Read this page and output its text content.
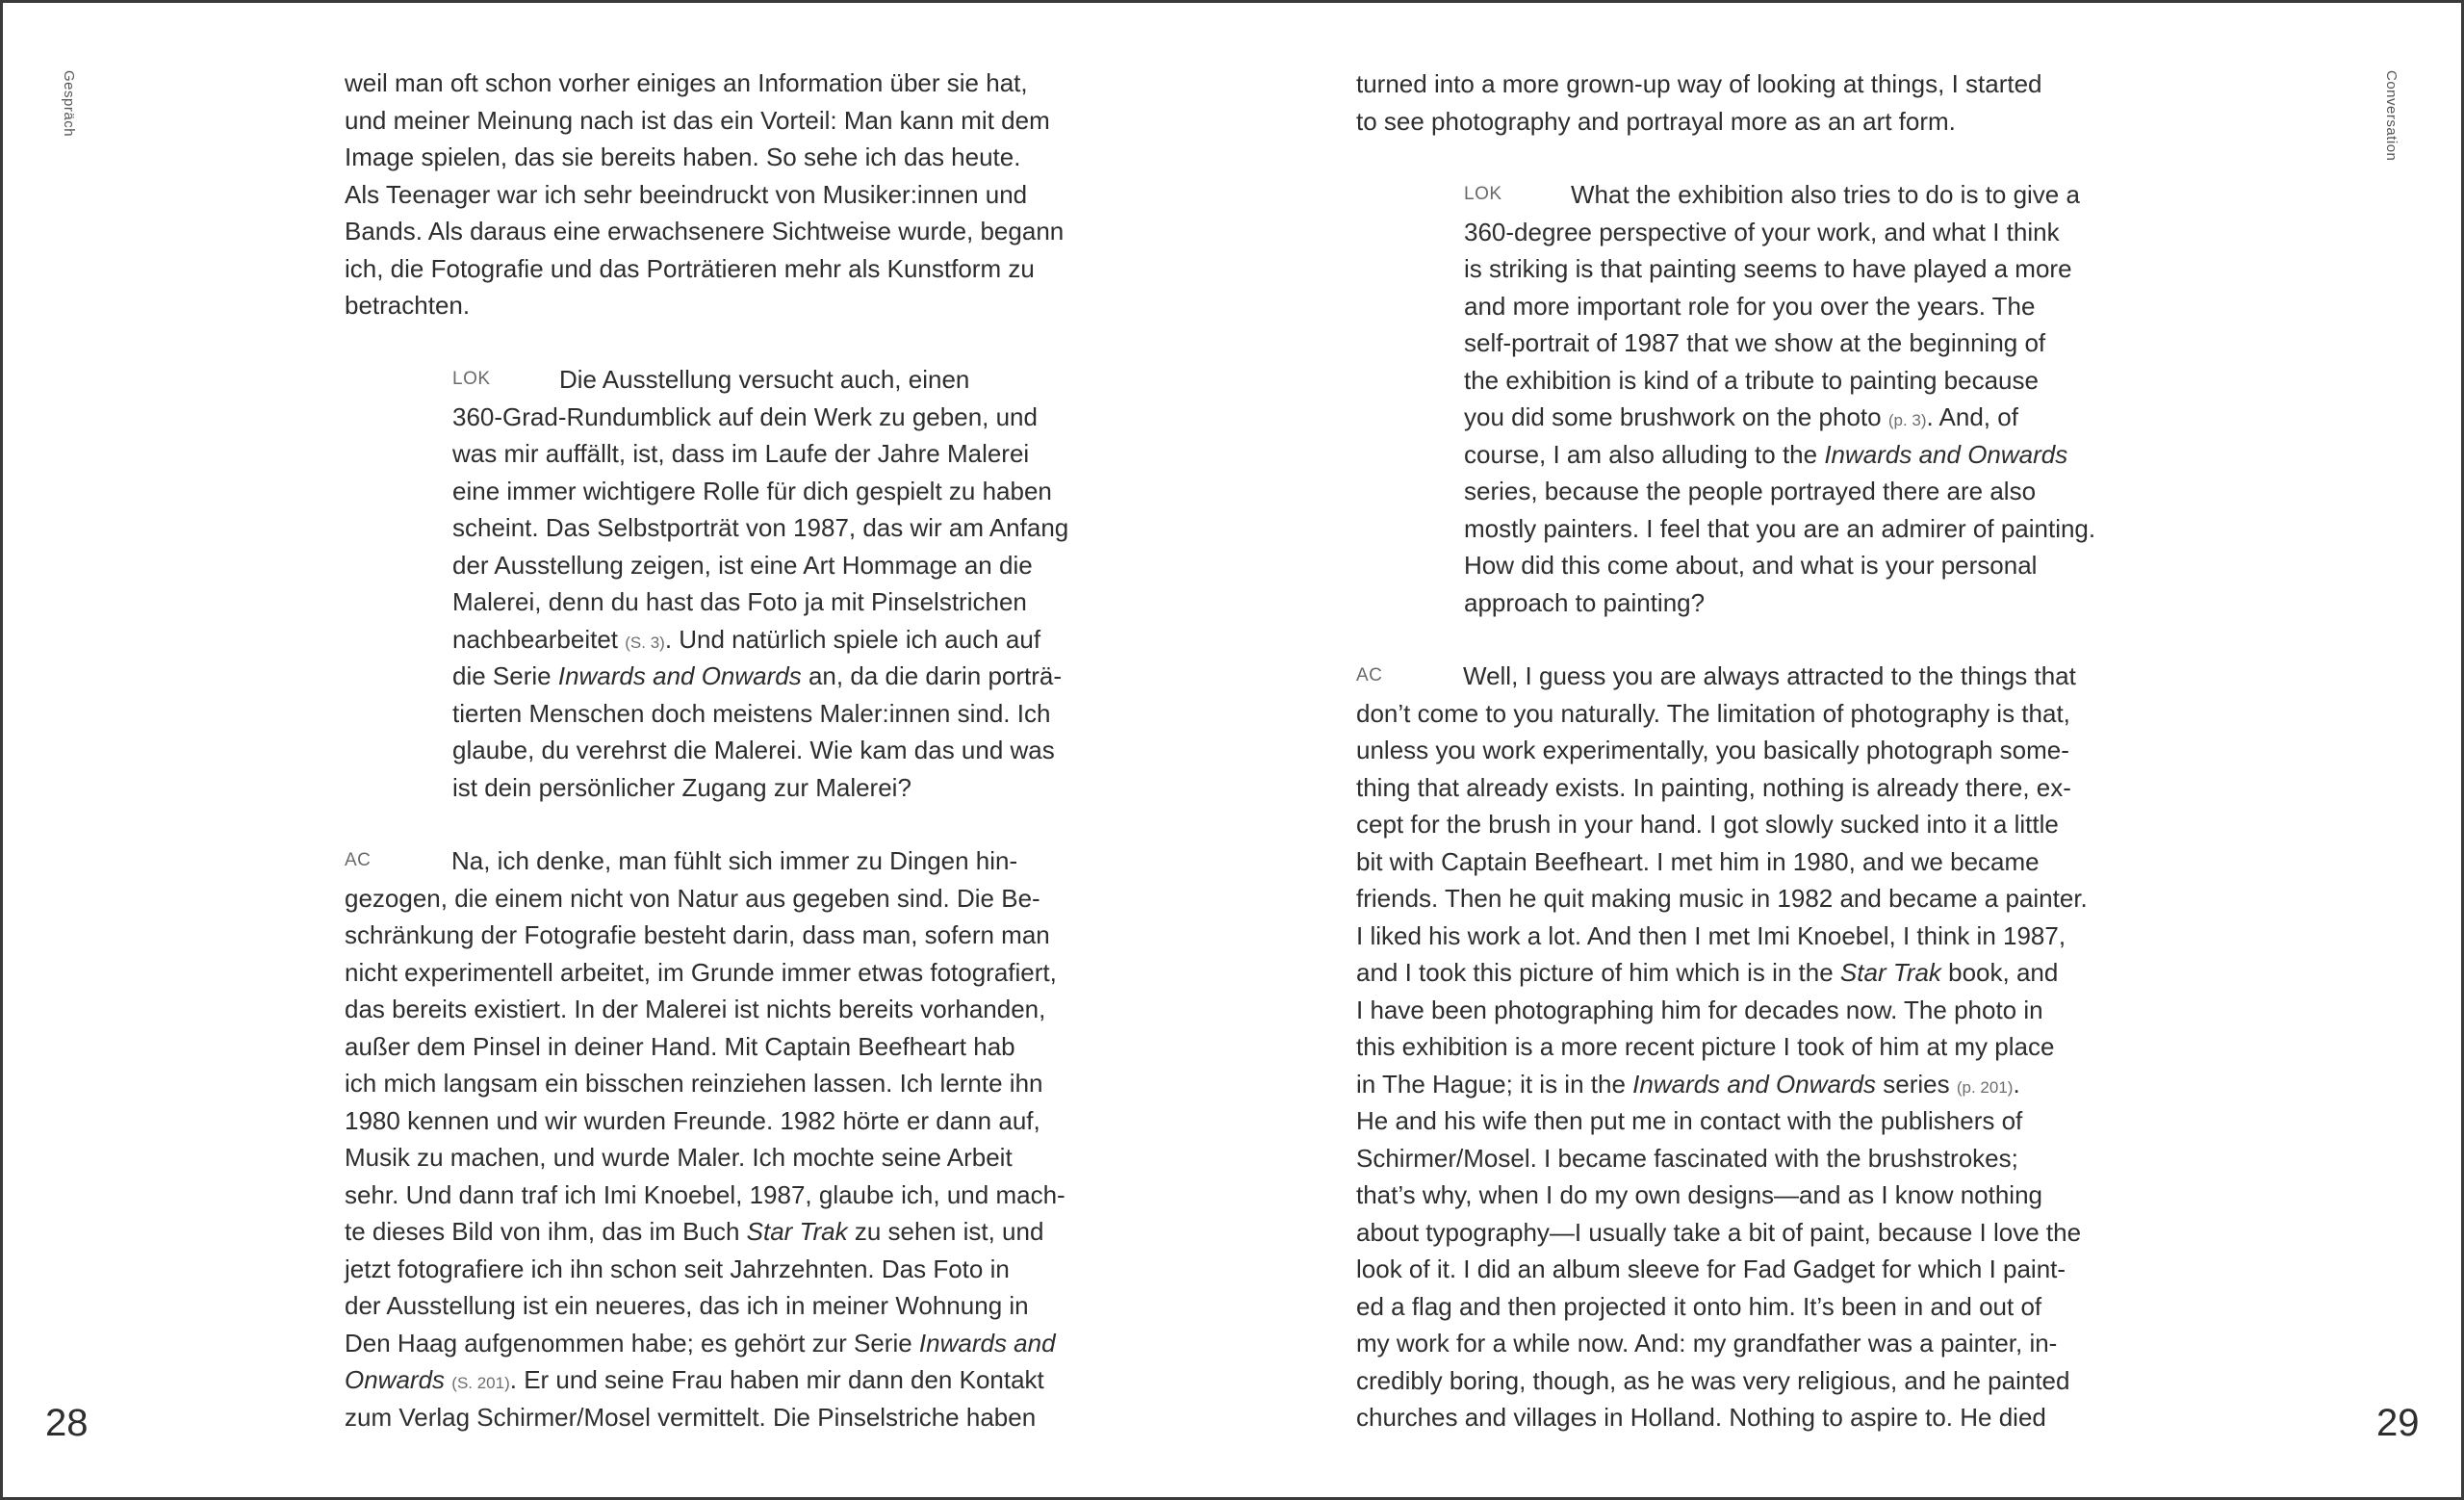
Gespräch	weil man oft schon vorher einiges an Information über sie hat,
und meiner Meinung nach ist das ein Vorteil: Man kann mit dem
Image spielen, das sie bereits haben. So sehe ich das heute.
Als Teenager war ich sehr beeindruckt von Musiker:innen und
Bands. Als daraus eine erwachsenere Sichtweise wurde, begann
ich, die Fotografie und das Porträtieren mehr als Kunstform zu
betrachten.
LOK	Die Ausstellung versucht auch, einen
360-Grad-Rundumblick auf dein Werk zu geben, und
was mir auffällt, ist, dass im Laufe der Jahre Malerei
eine immer wichtigere Rolle für dich gespielt zu haben
scheint. Das Selbstporträt von 1987, das wir am Anfang
der Ausstellung zeigen, ist eine Art Hommage an die
Malerei, denn du hast das Foto ja mit Pinselstrichen
nachbearbeitet (S. 3). Und natürlich spiele ich auch auf
die Serie Inwards and Onwards an, da die darin porträ-
tierten Menschen doch meistens Maler:innen sind. Ich
glaube, du verehrst die Malerei. Wie kam das und was
ist dein persönlicher Zugang zur Malerei?
AC	Na, ich denke, man fühlt sich immer zu Dingen hin-
gezogen, die einem nicht von Natur aus gegeben sind. Die Be-
schränkung der Fotografie besteht darin, dass man, sofern man
nicht experimentell arbeitet, im Grunde immer etwas fotografiert,
das bereits existiert. In der Malerei ist nichts bereits vorhanden,
außer dem Pinsel in deiner Hand. Mit Captain Beefheart hab
ich mich langsam ein bisschen reinziehen lassen. Ich lernte ihn
1980 kennen und wir wurden Freunde. 1982 hörte er dann auf,
Musik zu machen, und wurde Maler. Ich mochte seine Arbeit
sehr. Und dann traf ich Imi Knoebel, 1987, glaube ich, und mach-
te dieses Bild von ihm, das im Buch Star Trak zu sehen ist, und
jetzt fotografiere ich ihn schon seit Jahrzehnten. Das Foto in
der Ausstellung ist ein neueres, das ich in meiner Wohnung in
Den Haag aufgenommen habe; es gehört zur Serie Inwards and
Onwards (S. 201). Er und seine Frau haben mir dann den Kontakt
zum Verlag Schirmer/Mosel vermittelt. Die Pinselstriche haben
28
Conversation
turned into a more grown-up way of looking at things, I started
to see photography and portrayal more as an art form.
LOK	What the exhibition also tries to do is to give a
360-degree perspective of your work, and what I think
is striking is that painting seems to have played a more
and more important role for you over the years. The
self-portrait of 1987 that we show at the beginning of
the exhibition is kind of a tribute to painting because
you did some brushwork on the photo (p. 3). And, of
course, I am also alluding to the Inwards and Onwards
series, because the people portrayed there are also
mostly painters. I feel that you are an admirer of painting.
How did this come about, and what is your personal
approach to painting?
AC	Well, I guess you are always attracted to the things that
don’t come to you naturally. The limitation of photography is that,
unless you work experimentally, you basically photograph some-
thing that already exists. In painting, nothing is already there, ex-
cept for the brush in your hand. I got slowly sucked into it a little
bit with Captain Beefheart. I met him in 1980, and we became
friends. Then he quit making music in 1982 and became a painter.
I liked his work a lot. And then I met Imi Knoebel, I think in 1987,
and I took this picture of him which is in the Star Trak book, and
I have been photographing him for decades now. The photo in
this exhibition is a more recent picture I took of him at my place
in The Hague; it is in the Inwards and Onwards series (p. 201).
He and his wife then put me in contact with the publishers of
Schirmer/Mosel. I became fascinated with the brushstrokes;
that’s why, when I do my own designs—and as I know nothing
about typography—I usually take a bit of paint, because I love the
look of it. I did an album sleeve for Fad Gadget for which I paint-
ed a flag and then projected it onto him. It’s been in and out of
my work for a while now. And: my grandfather was a painter, in-
credibly boring, though, as he was very religious, and he painted
churches and villages in Holland. Nothing to aspire to. He died	29
